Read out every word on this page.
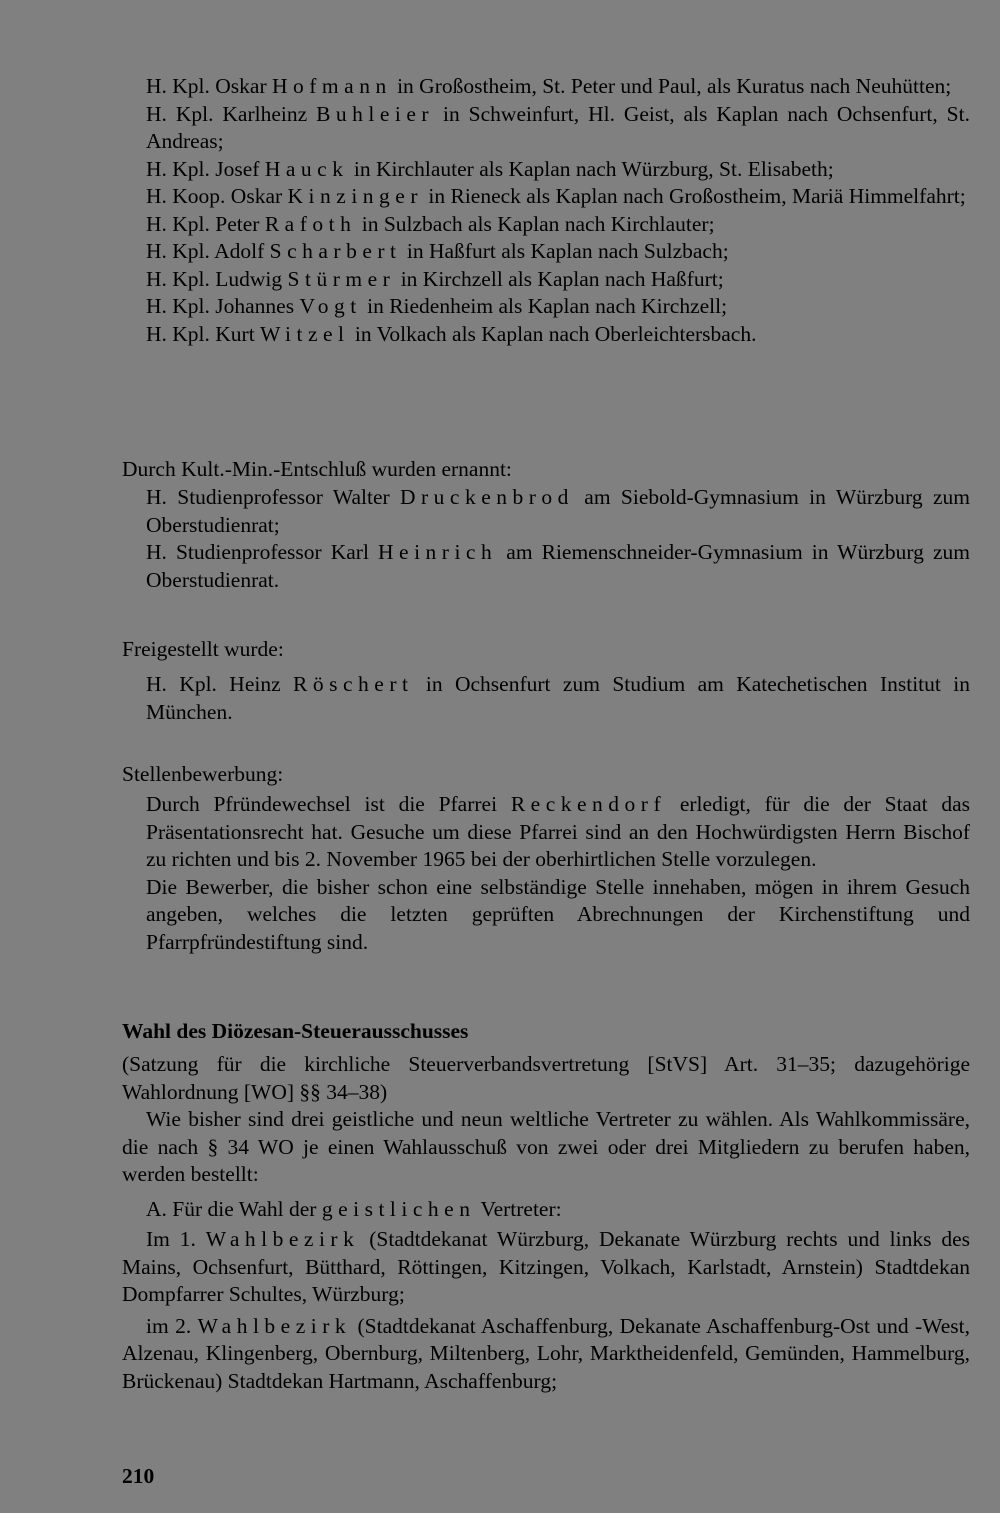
H. Kpl. Oskar Hofmann in Großostheim, St. Peter und Paul, als Kuratus nach Neuhütten;

H. Kpl. Karlheinz Buhleier in Schweinfurt, Hl. Geist, als Kaplan nach Ochsenfurt, St. Andreas;

H. Kpl. Josef Hauck in Kirchlauter als Kaplan nach Würzburg, St. Elisabeth;

H. Koop. Oskar Kinzinger in Rieneck als Kaplan nach Großostheim, Mariä Himmelfahrt;

H. Kpl. Peter Rafoth in Sulzbach als Kaplan nach Kirchlauter;

H. Kpl. Adolf Scharbert in Haßfurt als Kaplan nach Sulzbach;

H. Kpl. Ludwig Stürmer in Kirchzell als Kaplan nach Haßfurt;

H. Kpl. Johannes Vogt in Riedenheim als Kaplan nach Kirchzell;

H. Kpl. Kurt Witzel in Volkach als Kaplan nach Oberleichtersbach.

Durch Kult.-Min.-Entschluß wurden ernannt:

H. Studienprofessor Walter Druckenbrod am Siebold-Gymnasium in Würzburg zum Oberstudienrat;

H. Studienprofessor Karl Heinrich am Riemenschneider-Gymnasium in Würzburg zum Oberstudienrat.

Freigestellt wurde:

H. Kpl. Heinz Röschert in Ochsenfurt zum Studium am Katechetischen Institut in München.

Stellenbewerbung:

Durch Pfründewechsel ist die Pfarrei Reckendorf erledigt, für die der Staat das Präsentationsrecht hat. Gesuche um diese Pfarrei sind an den Hochwürdigsten Herrn Bischof zu richten und bis 2. November 1965 bei der oberhirtlichen Stelle vorzulegen.

Die Bewerber, die bisher schon eine selbständige Stelle innehaben, mögen in ihrem Gesuch angeben, welches die letzten geprüften Abrechnungen der Kirchenstiftung und Pfarrpfründestiftung sind.

Wahl des Diözesan-Steuerausschusses

(Satzung für die kirchliche Steuerverbandsvertretung [StVS] Art. 31–35; dazugehörige Wahlordnung [WO] §§ 34–38)

Wie bisher sind drei geistliche und neun weltliche Vertreter zu wählen. Als Wahlkommissäre, die nach § 34 WO je einen Wahlausschuß von zwei oder drei Mitgliedern zu berufen haben, werden bestellt:

A. Für die Wahl der geistlichen Vertreter:

Im 1. Wahlbezirk (Stadtdekanat Würzburg, Dekanate Würzburg rechts und links des Mains, Ochsenfurt, Bütthard, Röttingen, Kitzingen, Volkach, Karlstadt, Arnstein) Stadtdekan Dompfarrer Schultes, Würzburg;

im 2. Wahlbezirk (Stadtdekanat Aschaffenburg, Dekanate Aschaffenburg-Ost und -West, Alzenau, Klingenberg, Obernburg, Miltenberg, Lohr, Marktheidenfeld, Gemünden, Hammelburg, Brückenau) Stadtdekan Hartmann, Aschaffenburg;

210
